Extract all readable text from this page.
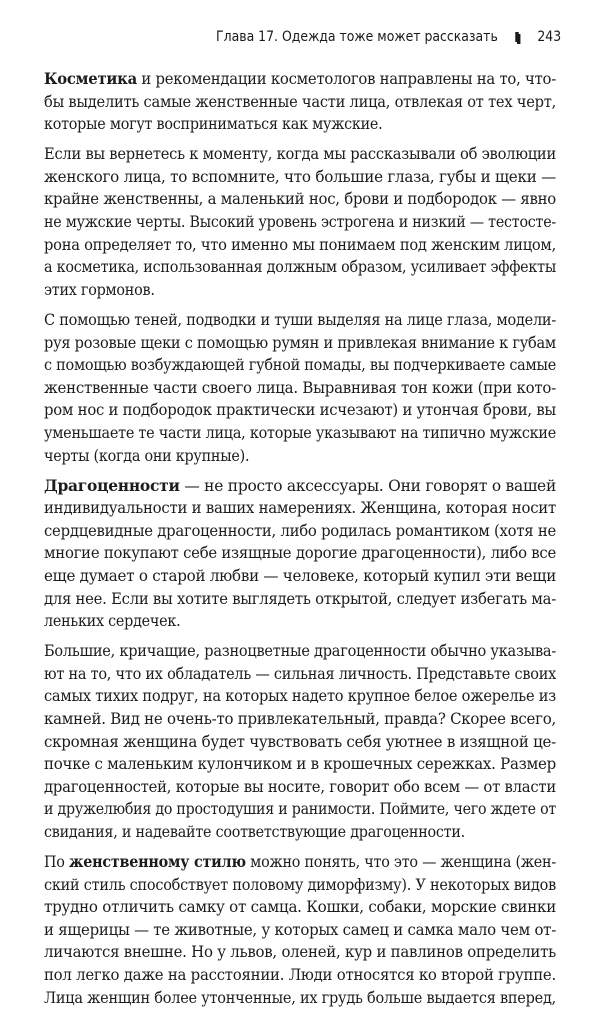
Глава 17. Одежда тоже может рассказать	243
Косметика и рекомендации косметологов направлены на то, что-
бы выделить самые женственные части лица, отвлекая от тех черт,
которые могут восприниматься как мужские.
Если вы вернетесь к моменту, когда мы рассказывали об эволюции
женского лица, то вспомните, что большие глаза, губы и щеки —
крайне женственны, а маленький нос, брови и подбородок — явно
не мужские черты. Высокий уровень эстрогена и низкий — тестосте-
рона определяет то, что именно мы понимаем под женским лицом,
а косметика, использованная должным образом, усиливает эффекты
этих гормонов.
С помощью теней, подводки и туши выделяя на лице глаза, модели-
руя розовые щеки с помощью румян и привлекая внимание к губам
с помощью возбуждающей губной помады, вы подчеркиваете самые
женственные части своего лица. Выравнивая тон кожи (при кото-
ром нос и подбородок практически исчезают) и утончая брови, вы
уменьшаете те части лица, которые указывают на типично мужские
черты (когда они крупные).
Драгоценности — не просто аксессуары. Они говорят о вашей
индивидуальности и ваших намерениях. Женщина, которая носит
сердцевидные драгоценности, либо родилась романтиком (хотя не
многие покупают себе изящные дорогие драгоценности), либо все
еще думает о старой любви — человеке, который купил эти вещи
для нее. Если вы хотите выглядеть открытой, следует избегать ма-
леньких сердечек.
Большие, кричащие, разноцветные драгоценности обычно указыва-
ют на то, что их обладатель — сильная личность. Представьте своих
самых тихих подруг, на которых надето крупное белое ожерелье из
камней. Вид не очень-то привлекательный, правда? Скорее всего,
скромная женщина будет чувствовать себя уютнее в изящной це-
почке с маленьким кулончиком и в крошечных сережках. Размер
драгоценностей, которые вы носите, говорит обо всем — от власти
и дружелюбия до простодушия и ранимости. Поймите, чего ждете от
свидания, и надевайте соответствующие драгоценности.
По женственному стилю можно понять, что это — женщина (жен-
ский стиль способствует половому диморфизму). У некоторых видов
трудно отличить самку от самца. Кошки, собаки, морские свинки
и ящерицы — те животные, у которых самец и самка мало чем от-
личаются внешне. Но у львов, оленей, кур и павлинов определить
пол легко даже на расстоянии. Люди относятся ко второй группе.
Лица женщин более утонченные, их грудь больше выдается вперед,
